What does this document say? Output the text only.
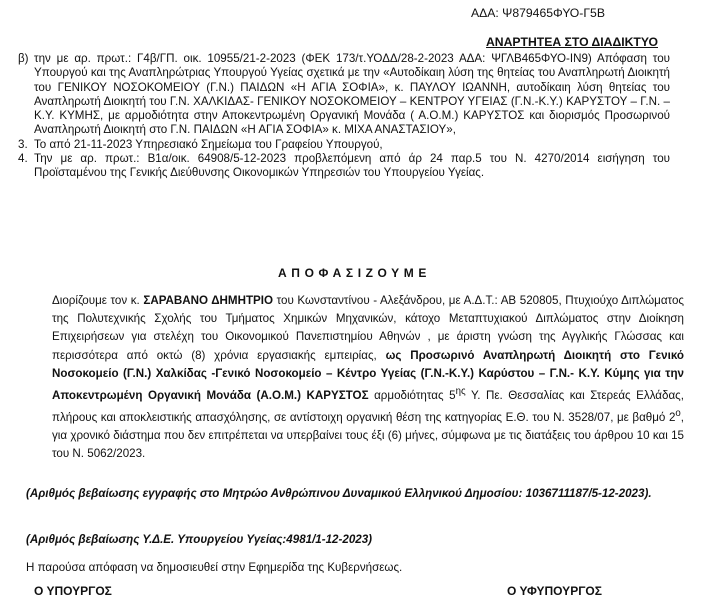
ΑΔΑ: Ψ879465ΦΥΟ-Γ5Β
ΑΝΑΡΤΗΤΕΑ ΣΤΟ ΔΙΑΔΙΚΤΥΟ
β) την με αρ. πρωτ.: Γ4β/ΓΠ. οικ. 10955/21-2-2023 (ΦΕΚ 173/τ.ΥΟΔΔ/28-2-2023 ΑΔΑ: ΨΓΛΒ465ΦΥΟ-ΙΝ9) Απόφαση του Υπουργού και της Αναπληρώτριας Υπουργού Υγείας σχετικά με την «Αυτοδίκαιη λύση της θητείας του Αναπληρωτή Διοικητή του ΓΕΝΙΚΟΥ ΝΟΣΟΚΟΜΕΙΟΥ (Γ.Ν.) ΠΑΙΔΩΝ «Η ΑΓΙΑ ΣΟΦΙΑ», κ. ΠΑΥΛΟΥ ΙΩΑΝΝΗ, αυτοδίκαιη λύση θητείας του Αναπληρωτή Διοικητή του Γ.Ν. ΧΑΛΚΙΔΑΣ- ΓΕΝΙΚΟΥ ΝΟΣΟΚΟΜΕΙΟΥ – ΚΕΝΤΡΟΥ ΥΓΕΙΑΣ (Γ.Ν.-Κ.Υ.) ΚΑΡΥΣΤΟΥ – Γ.Ν. – Κ.Υ. ΚΥΜΗΣ, με αρμοδιότητα στην Αποκεντρωμένη Οργανική Μονάδα ( Α.Ο.Μ.) ΚΑΡΥΣΤΟΣ και διορισμός Προσωρινού Αναπληρωτή Διοικητή στο Γ.Ν. ΠΑΙΔΩΝ «Η ΑΓΙΑ ΣΟΦΙΑ» κ. ΜΙΧΑ ΑΝΑΣΤΑΣΙΟΥ»,
3. Το από 21-11-2023 Υπηρεσιακό Σημείωμα του Γραφείου Υπουργού,
4. Την με αρ. πρωτ.: Β1α/οικ. 64908/5-12-2023 προβλεπόμενη από άρ 24 παρ.5 του Ν. 4270/2014 εισήγηση του Προϊσταμένου της Γενικής Διεύθυνσης Οικονομικών Υπηρεσιών του Υπουργείου Υγείας.
ΑΠΟΦΑΣΙΖΟΥΜΕ
Διορίζουμε τον κ. ΣΑΡΑΒΑΝΟ ΔΗΜΗΤΡΙΟ του Κωνσταντίνου - Αλεξάνδρου, με Α.Δ.Τ.: ΑΒ 520805, Πτυχιούχο Διπλώματος της Πολυτεχνικής Σχολής του Τμήματος Χημικών Μηχανικών, κάτοχο Μεταπτυχιακού Διπλώματος στην Διοίκηση Επιχειρήσεων για στελέχη του Οικονομικού Πανεπιστημίου Αθηνών , με άριστη γνώση της Αγγλικής Γλώσσας και περισσότερα από οκτώ (8) χρόνια εργασιακής εμπειρίας, ως Προσωρινό Αναπληρωτή Διοικητή στο Γενικό Νοσοκομείο (Γ.Ν.) Χαλκίδας -Γενικό Νοσοκομείο – Κέντρο Υγείας (Γ.Ν.-Κ.Υ.) Καρύστου – Γ.Ν.- Κ.Υ. Κύμης για την Αποκεντρωμένη Οργανική Μονάδα (Α.Ο.Μ.) ΚΑΡΥΣΤΟΣ αρμοδιότητας $5^{\eta\varsigma}$ Υ. Πε. Θεσσαλίας και Στερεάς Ελλάδας, πλήρους και αποκλειστικής απασχόλησης, σε αντίστοιχη οργανική θέση της κατηγορίας Ε.Θ. του Ν. 3528/07, με βαθμό $2^o$, για χρονικό διάστημα που δεν επιτρέπεται να υπερβαίνει τους έξι (6) μήνες, σύμφωνα με τις διατάξεις του άρθρου 10 και 15 του Ν. 5062/2023.
(Αριθμός βεβαίωσης εγγραφής στο Μητρώο Ανθρώπινου Δυναμικού Ελληνικού Δημοσίου: 1036711187/5-12-2023).
(Αριθμός βεβαίωσης Υ.Δ.Ε. Υπουργείου Υγείας:4981/1-12-2023)
Η παρούσα απόφαση να δημοσιευθεί στην Εφημερίδα της Κυβερνήσεως.
Ο ΥΠΟΥΡΓΟΣ	Ο ΥΦΥΠΟΥΡΓΟΣ
